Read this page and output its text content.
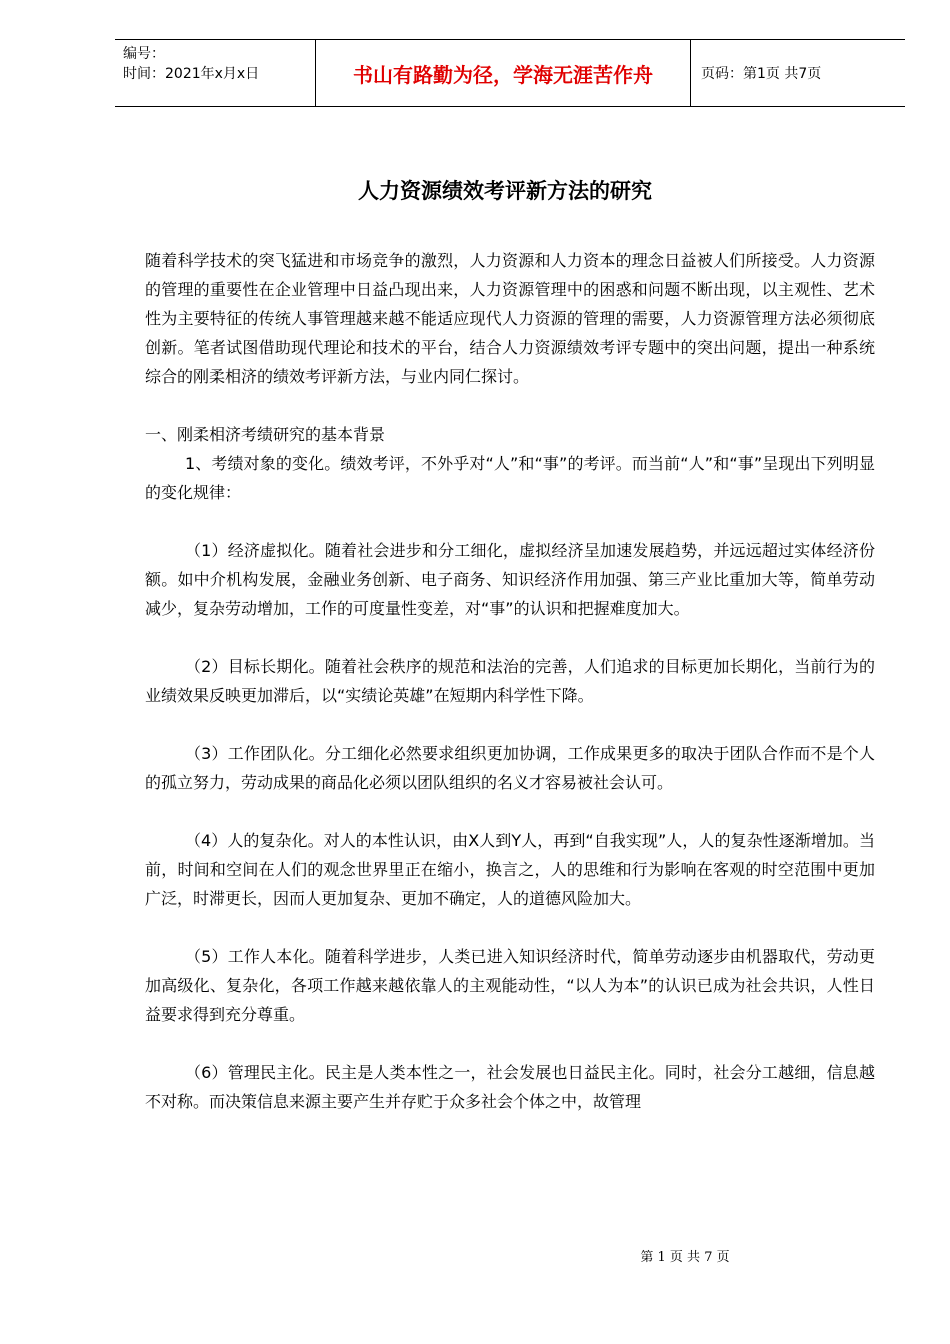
编号：
时间：2021年x月x日	书山有路勤为径，学海无涯苦作舟	页码：第1页 共7页
人力资源绩效考评新方法的研究

随着科学技术的突飞猛进和市场竞争的激烈，人力资源和人力资本的理念日益被人们所接受。人力资源的管理的重要性在企业管理中日益凸现出来，人力资源管理中的困惑和问题不断出现，以主观性、艺术性为主要特征的传统人事管理越来越不能适应现代人力资源的管理的需要，人力资源管理方法必须彻底创新。笔者试图借助现代理论和技术的平台，结合人力资源绩效考评专题中的突出问题，提出一种系统综合的刚柔相济的绩效考评新方法，与业内同仁探讨。

一、刚柔相济考绩研究的基本背景

1、考绩对象的变化。绩效考评，不外乎对“人”和“事”的考评。而当前“人”和“事”呈现出下列明显的变化规律：

（1）经济虚拟化。随着社会进步和分工细化，虚拟经济呈加速发展趋势，并远远超过实体经济份额。如中介机构发展，金融业务创新、电子商务、知识经济作用加强、第三产业比重加大等，简单劳动减少，复杂劳动增加，工作的可度量性变差，对“事”的认识和把握难度加大。

（2）目标长期化。随着社会秩序的规范和法治的完善，人们追求的目标更加长期化，当前行为的业绩效果反映更加滞后，以“实绩论英雄”在短期内科学性下降。

（3）工作团队化。分工细化必然要求组织更加协调，工作成果更多的取决于团队合作而不是个人的孤立努力，劳动成果的商品化必须以团队组织的名义才容易被社会认可。

（4）人的复杂化。对人的本性认识，由X人到Y人，再到“自我实现”人，人的复杂性逐渐增加。当前，时间和空间在人们的观念世界里正在缩小，换言之，人的思维和行为影响在客观的时空范围中更加广泛，时滞更长，因而人更加复杂、更加不确定，人的道德风险加大。

（5）工作人本化。随着科学进步，人类已进入知识经济时代，简单劳动逐步由机器取代，劳动更加高级化、复杂化，各项工作越来越依靠人的主观能动性，“以人为本”的认识已成为社会共识，人性日益要求得到充分尊重。

（6）管理民主化。民主是人类本性之一，社会发展也日益民主化。同时，社会分工越细，信息越不对称。而决策信息来源主要产生并存贮于众多社会个体之中，故管理

第 1 页 共 7 页
